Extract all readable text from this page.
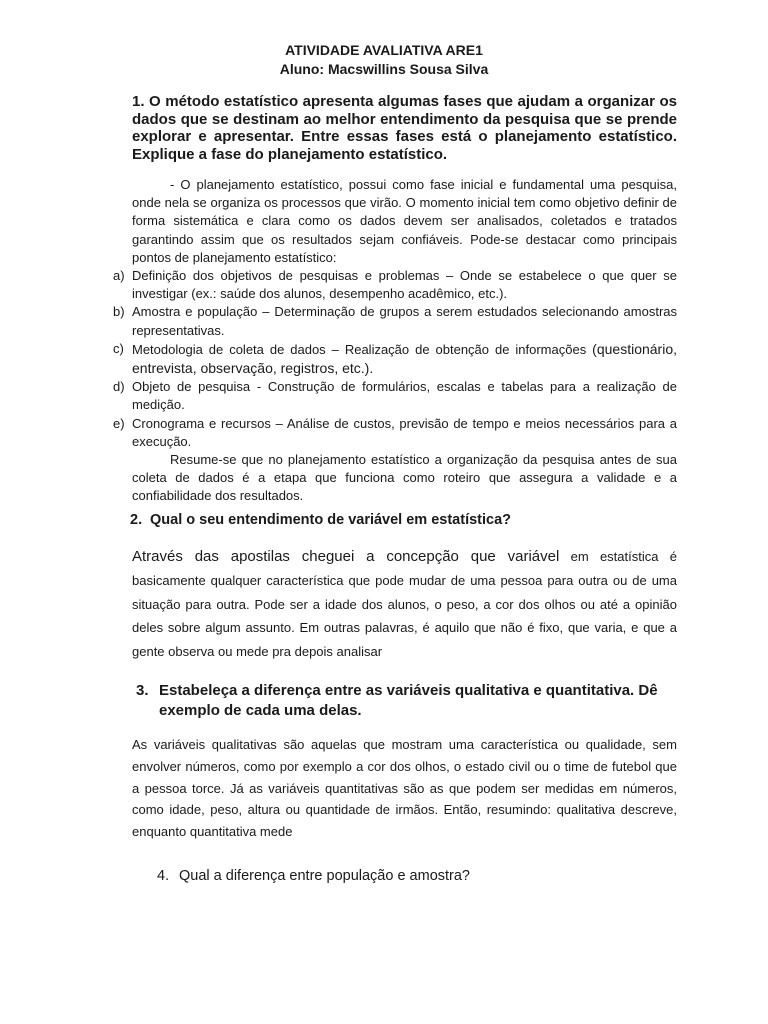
ATIVIDADE AVALIATIVA ARE1
Aluno: Macswillins Sousa Silva
1. O método estatístico apresenta algumas fases que ajudam a organizar os dados que se destinam ao melhor entendimento da pesquisa que se prende explorar e apresentar. Entre essas fases está o planejamento estatístico. Explique a fase do planejamento estatístico.

- O planejamento estatístico, possui como fase inicial e fundamental uma pesquisa, onde nela se organiza os processos que virão. O momento inicial tem como objetivo definir de forma sistemática e clara como os dados devem ser analisados, coletados e tratados garantindo assim que os resultados sejam confiáveis. Pode-se destacar como principais pontos de planejamento estatístico:

a) Definição dos objetivos de pesquisas e problemas – Onde se estabelece o que quer se investigar (ex.: saúde dos alunos, desempenho acadêmico, etc.).
b) Amostra e população – Determinação de grupos a serem estudados selecionando amostras representativas.
c) Metodologia de coleta de dados – Realização de obtenção de informações (questionário, entrevista, observação, registros, etc.).
d) Objeto de pesquisa - Construção de formulários, escalas e tabelas para a realização de medição.
e) Cronograma e recursos – Análise de custos, previsão de tempo e meios necessários para a execução.

Resume-se que no planejamento estatístico a organização da pesquisa antes de sua coleta de dados é a etapa que funciona como roteiro que assegura a validade e a confiabilidade dos resultados.

2. Qual o seu entendimento de variável em estatística?
Através das apostilas cheguei a concepção que variável em estatística é basicamente qualquer característica que pode mudar de uma pessoa para outra ou de uma situação para outra. Pode ser a idade dos alunos, o peso, a cor dos olhos ou até a opinião deles sobre algum assunto. Em outras palavras, é aquilo que não é fixo, que varia, e que a gente observa ou mede pra depois analisar
3. Estabeleça a diferença entre as variáveis qualitativa e quantitativa. Dê exemplo de cada uma delas.
As variáveis qualitativas são aquelas que mostram uma característica ou qualidade, sem envolver números, como por exemplo a cor dos olhos, o estado civil ou o time de futebol que a pessoa torce. Já as variáveis quantitativas são as que podem ser medidas em números, como idade, peso, altura ou quantidade de irmãos. Então, resumindo: qualitativa descreve, enquanto quantitativa mede
4. Qual a diferença entre população e amostra?
